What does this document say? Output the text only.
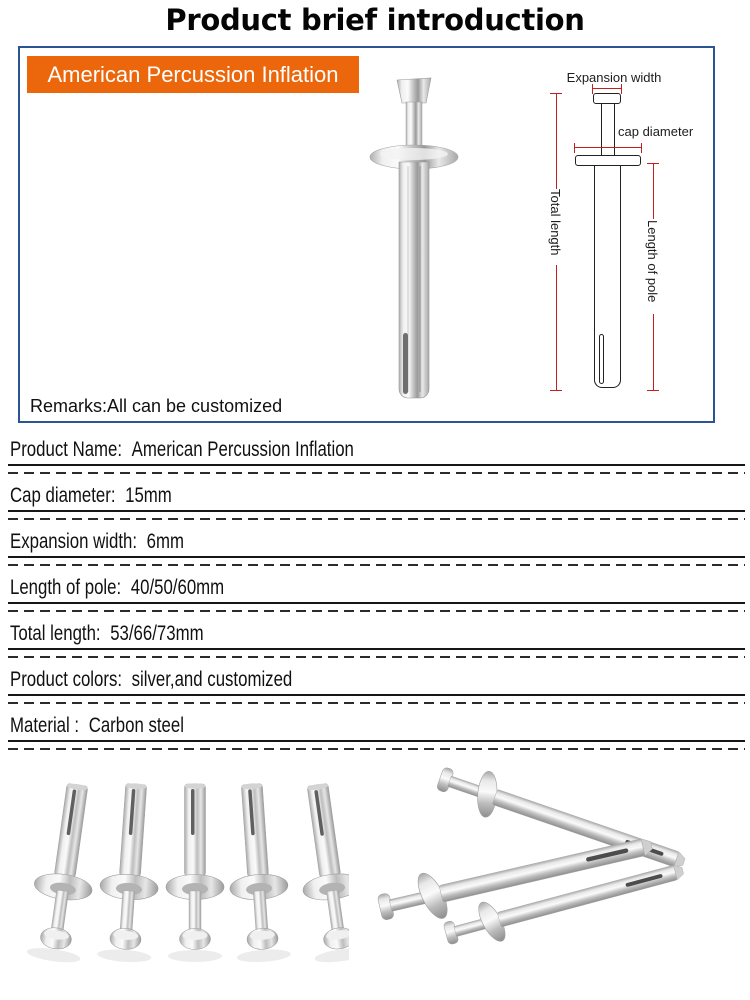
Product brief introduction
American Percussion Inflation	Expansion width
cap diameter
Total length	Length of pole
Remarks:All can be customized
Product Name: American Percussion Inflation
Cap diameter: 15mm
Expansion width: 6mm
Length of pole: 40/50/60mm
Total length: 53/66/73mm
Product colors: silver,and customized
Material : Carbon steel
